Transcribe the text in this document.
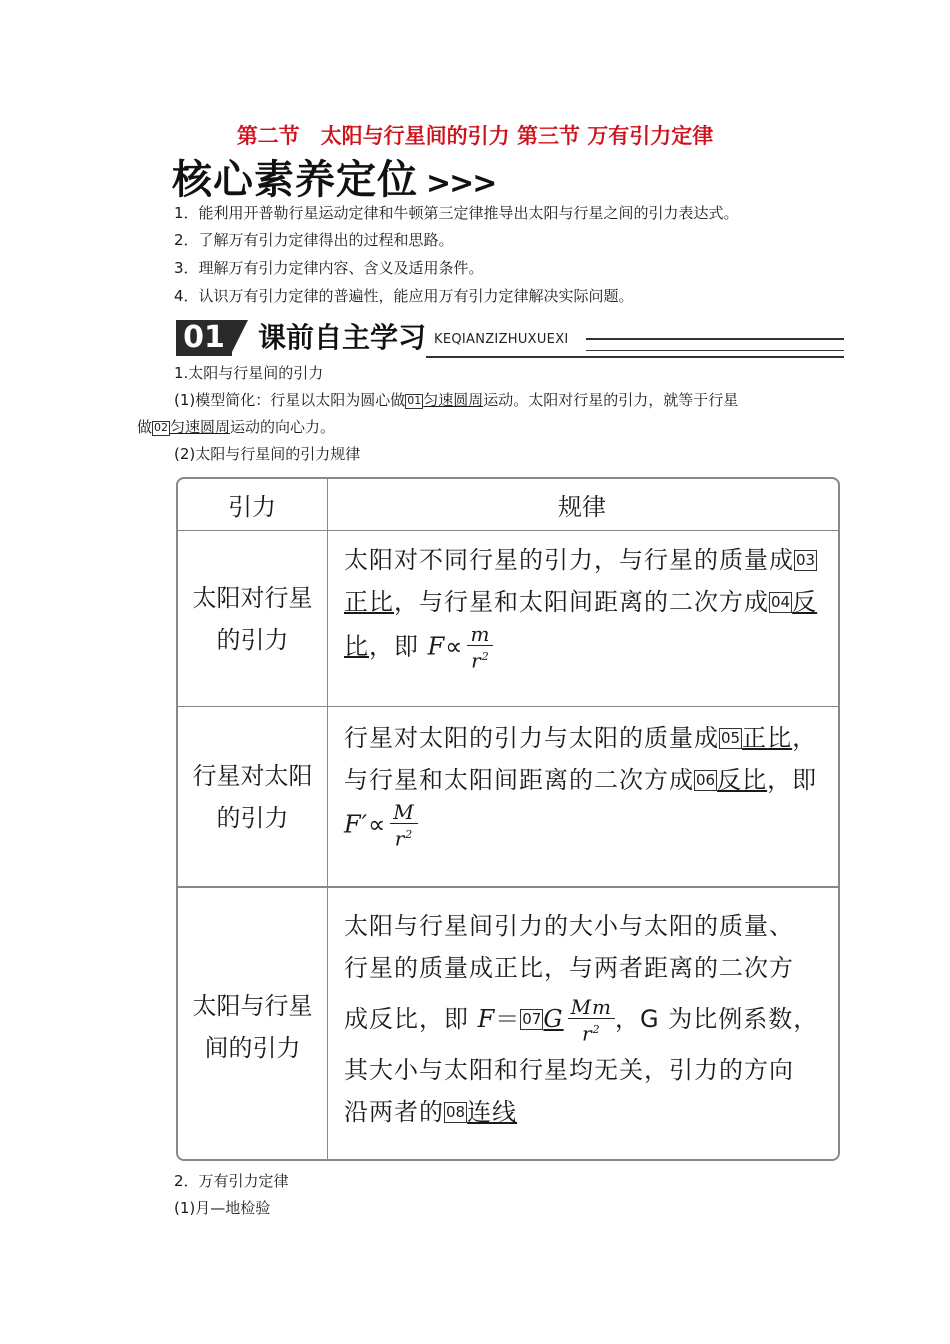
第二节　太阳与行星间的引力 第三节 万有引力定律
核心素养定位 >>>
1．能利用开普勒行星运动定律和牛顿第三定律推导出太阳与行星之间的引力表达式。
2．了解万有引力定律得出的过程和思路。
3．理解万有引力定律内容、含义及适用条件。
4．认识万有引力定律的普遍性，能应用万有引力定律解决实际问题。
01 课前自主学习 KEQIANZIZHUXUEXI
1.太阳与行星间的引力
(1)模型简化：行星以太阳为圆心做 01 匀速圆周运动。太阳对行星的引力，就等于行星
做 02 匀速圆周运动的向心力。
(2)太阳与行星间的引力规律
引力	规律
太阳对行星
的引力
太阳对不同行星的引力，与行星的质量成 03正比，与行星和太阳间距离的二次方成 04反比，即 $F\propto \frac{m}{r^2}$
行星对太阳
的引力
行星对太阳的引力与太阳的质量成 05正比，与行星和太阳间距离的二次方成 06反比，即 $F'\propto \frac{M}{r^2}$
太阳与行星
间的引力
太阳与行星间引力的大小与太阳的质量、
行星的质量成正比，与两者距离的二次方
成反比，即 $F= 07G \frac{Mm}{r^2}$ ，G 为比例系数，
其大小与太阳和行星均无关，引力的方向
沿两者的 08连线
2．万有引力定律
(1)月—地检验
